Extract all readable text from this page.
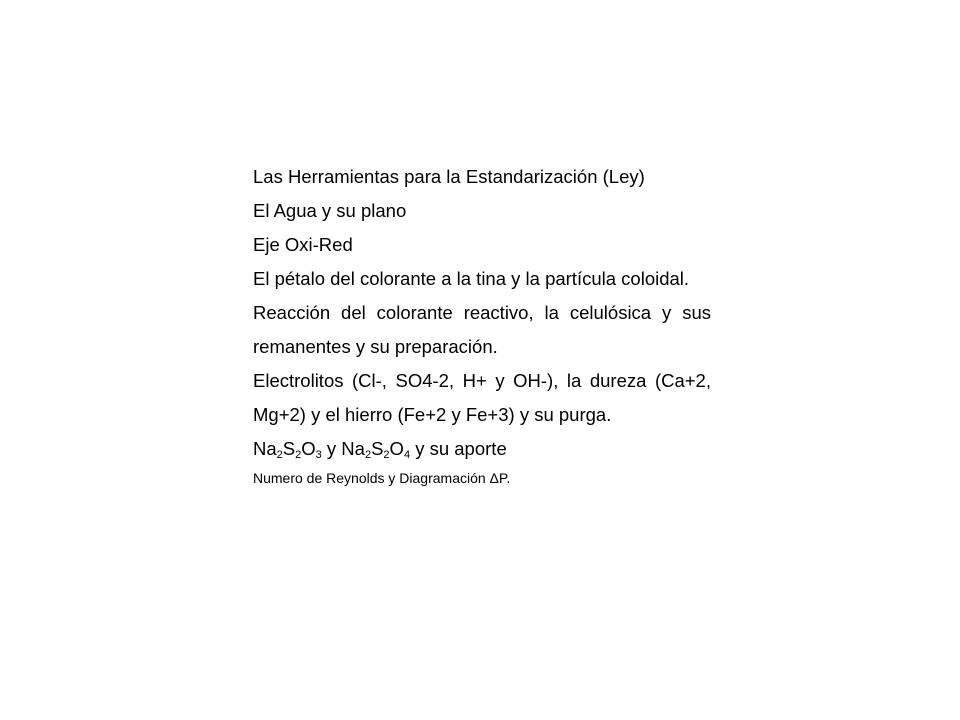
Las Herramientas para la Estandarización (Ley)

El Agua y su plano

Eje Oxi-Red

El pétalo del colorante a la tina y la partícula coloidal.

Reacción del colorante reactivo, la celulósica y sus remanentes y su preparación.

Electrolitos (Cl-, SO4-2, H+ y OH-), la dureza (Ca+2, Mg+2) y el hierro (Fe+2 y Fe+3) y su purga.

$Na_2S_2O_3$ y $Na_2S_2O_4$ y su aporte

Numero de Reynolds y Diagramación ΔP.
